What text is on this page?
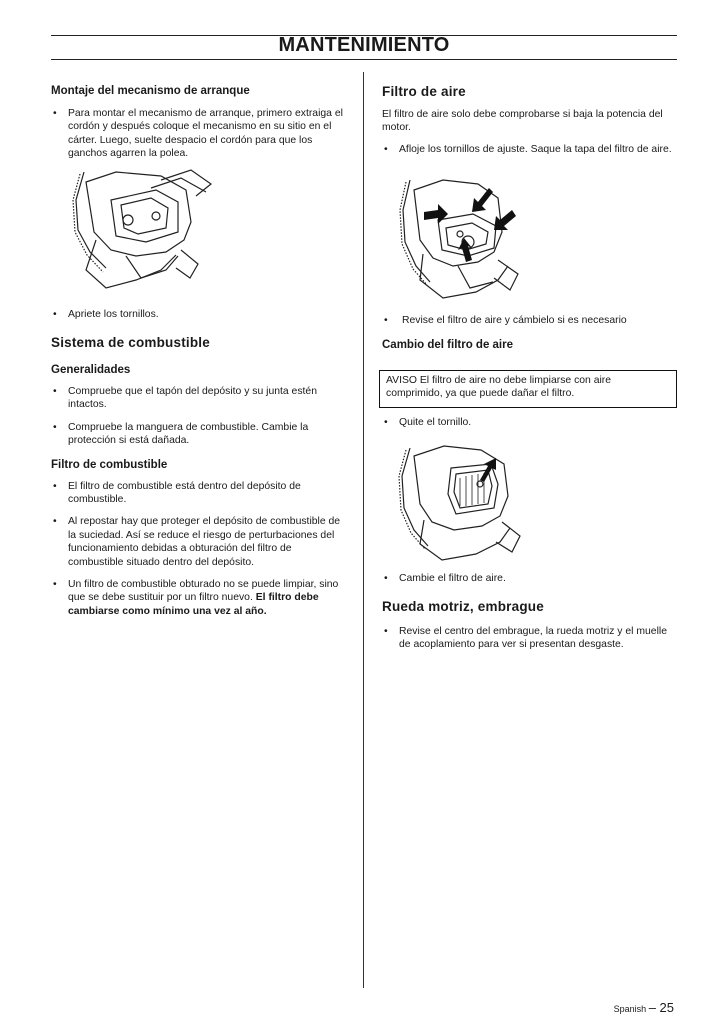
MANTENIMIENTO

Montaje del mecanismo de arranque

• Para montar el mecanismo de arranque, primero extraiga el cordón y después coloque el mecanismo en su sitio en el cárter. Luego, suelte despacio el cordón para que los ganchos agarren la polea.
• Apriete los tornillos.

Sistema de combustible

Generalidades

• Compruebe que el tapón del depósito y su junta estén intactos.
• Compruebe la manguera de combustible. Cambie la protección si está dañada.

Filtro de combustible

• El filtro de combustible está dentro del depósito de combustible.
• Al repostar hay que proteger el depósito de combustible de la suciedad. Así se reduce el riesgo de perturbaciones del funcionamiento debidas a obturación del filtro de combustible situado dentro del depósito.
• Un filtro de combustible obturado no se puede limpiar, sino que se debe sustituir por un filtro nuevo. El filtro debe cambiarse como mínimo una vez al año.

Filtro de aire

El filtro de aire solo debe comprobarse si baja la potencia del motor.

• Afloje los tornillos de ajuste. Saque la tapa del filtro de aire.
• Revise el filtro de aire y cámbielo si es necesario

Cambio del filtro de aire

AVISO El filtro de aire no debe limpiarse con aire comprimido, ya que puede dañar el filtro.
• Quite el tornillo.
• Cambie el filtro de aire.

Rueda motriz, embrague

• Revise el centro del embrague, la rueda motriz y el muelle de acoplamiento para ver si presentan desgaste.
Spanish – 25
